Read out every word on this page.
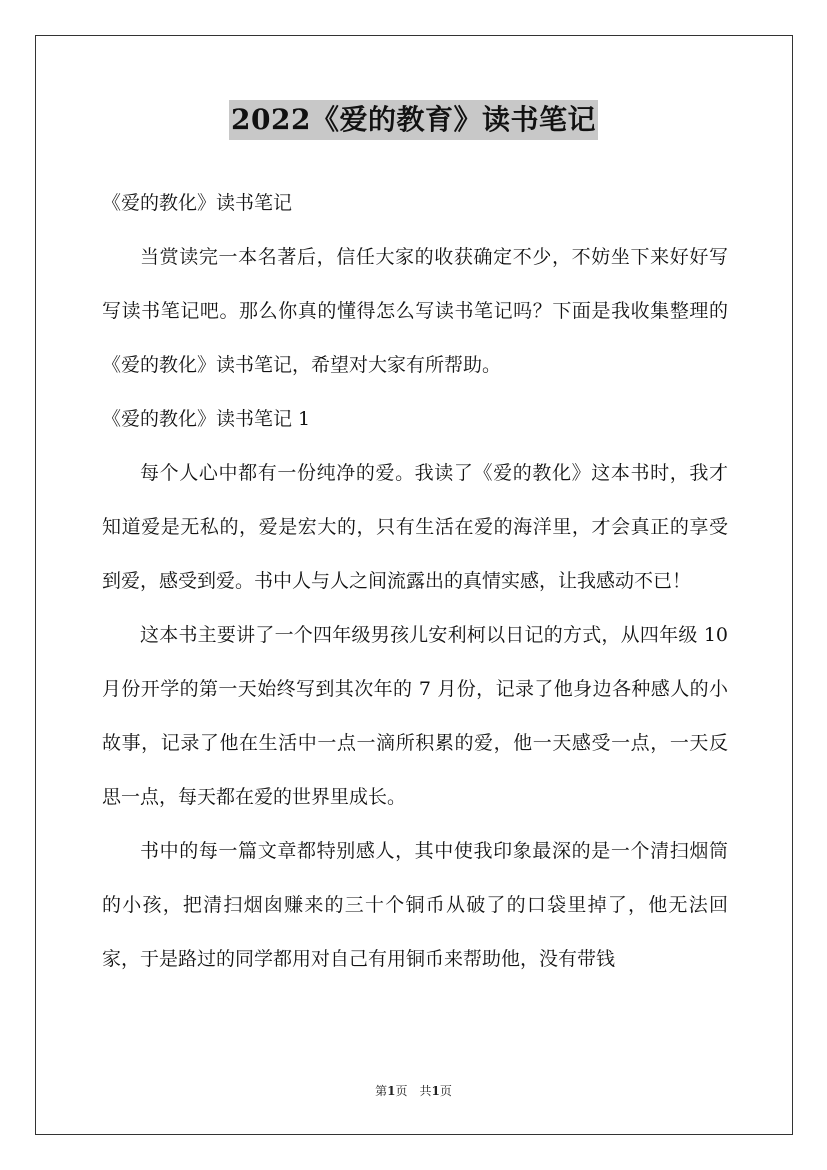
2022《爱的教育》读书笔记

《爱的教化》读书笔记

当赏读完一本名著后，信任大家的收获确定不少，不妨坐下来好好写写读书笔记吧。那么你真的懂得怎么写读书笔记吗？下面是我收集整理的《爱的教化》读书笔记，希望对大家有所帮助。

《爱的教化》读书笔记 1

每个人心中都有一份纯净的爱。我读了《爱的教化》这本书时，我才知道爱是无私的，爱是宏大的，只有生活在爱的海洋里，才会真正的享受到爱，感受到爱。书中人与人之间流露出的真情实感，让我感动不已！

这本书主要讲了一个四年级男孩儿安利柯以日记的方式，从四年级 10 月份开学的第一天始终写到其次年的 7 月份，记录了他身边各种感人的小故事，记录了他在生活中一点一滴所积累的爱，他一天感受一点，一天反思一点，每天都在爱的世界里成长。

书中的每一篇文章都特别感人，其中使我印象最深的是一个清扫烟筒的小孩，把清扫烟囱赚来的三十个铜币从破了的口袋里掉了，他无法回家，于是路过的同学都用对自己有用铜币来帮助他，没有带钱

第1页　共1页
